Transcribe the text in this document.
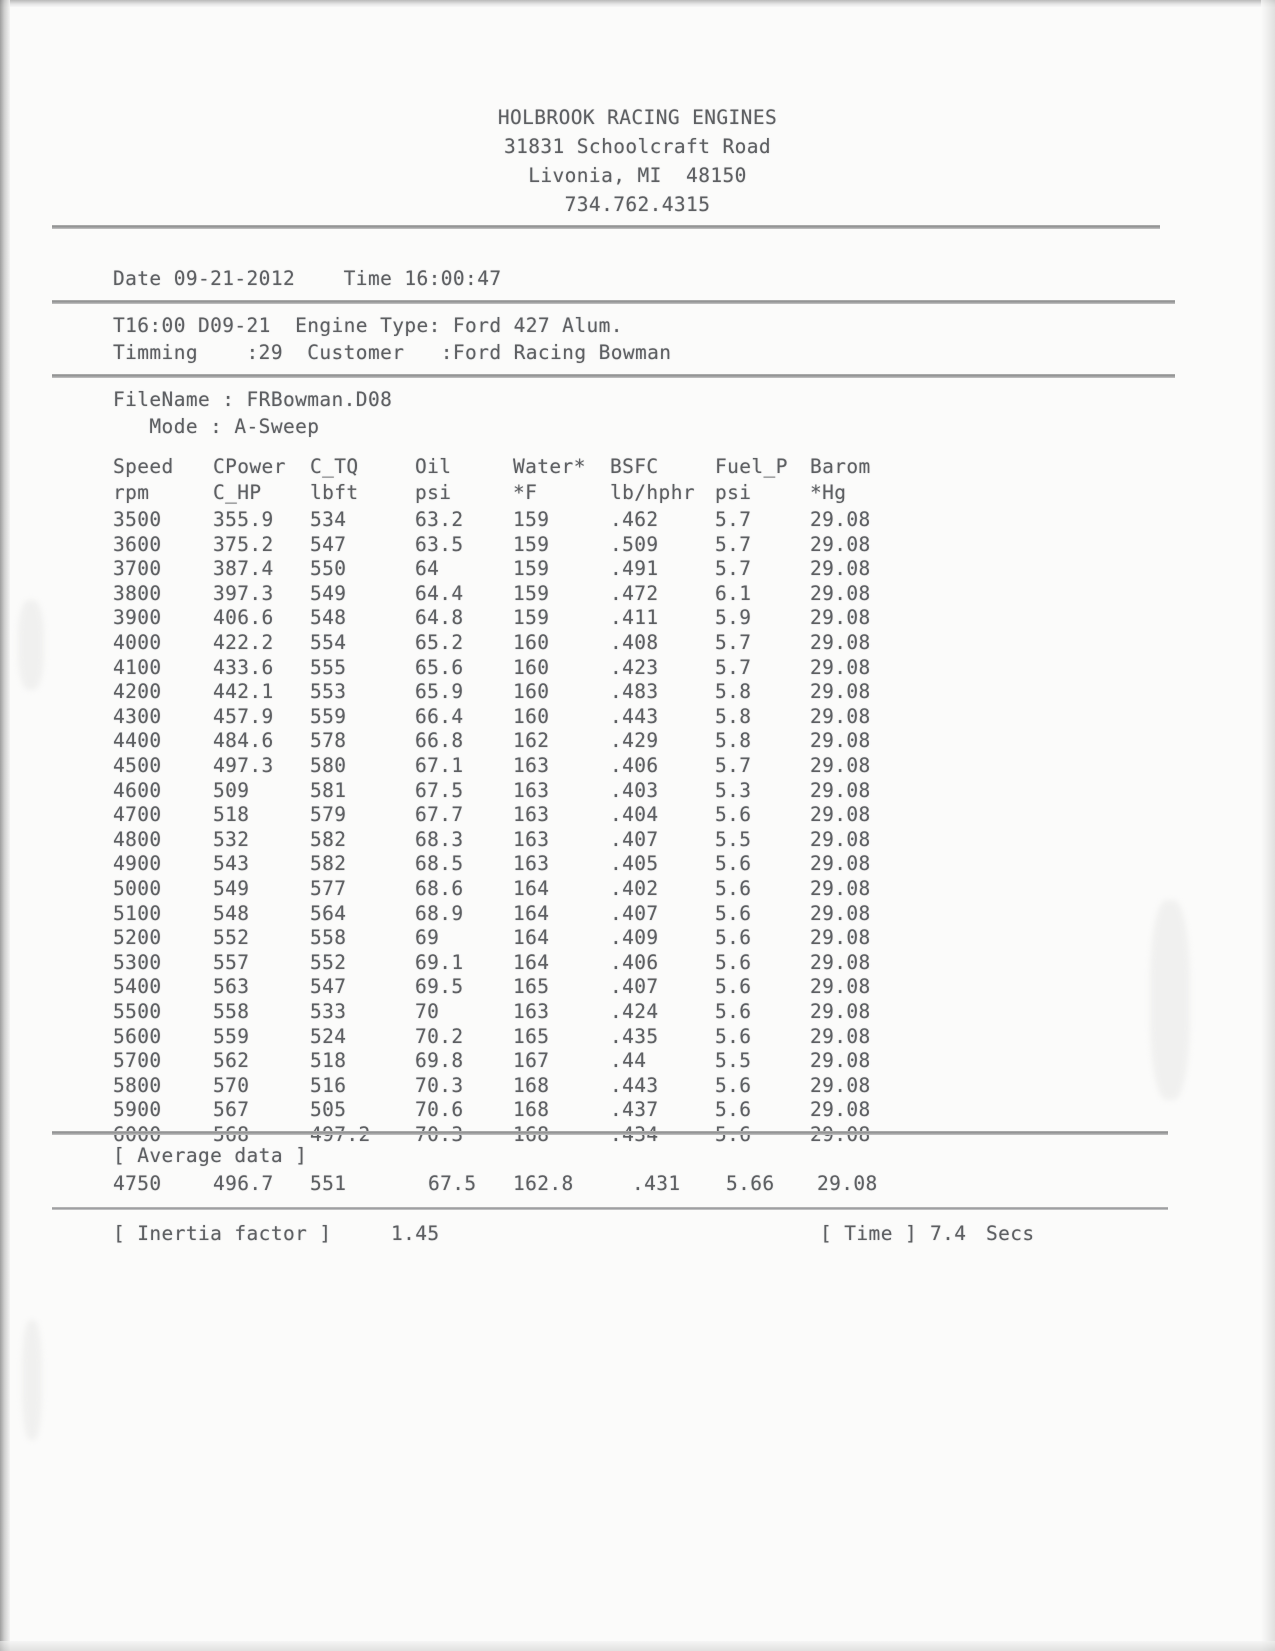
HOLBROOK RACING ENGINES
31831 Schoolcraft Road
Livonia, MI  48150
734.762.4315
Date 09-21-2012    Time 16:00:47
T16:00 D09-21  Engine Type: Ford 427 Alum.
Timming    :29  Customer   :Ford Racing Bowman
FileName : FRBowman.D08
Mode : A-Sweep
Speed CPower C_TQ	Oil	Water* BSFC	Fuel_P Barom
rpm	C_HP lbft	psi	*F	lb/hphr psi	*Hg
3500	355.9 534	63.2	159	.462	5.7	29.08
3600	375.2 547	63.5	159	.509	5.7	29.08
3700	387.4 550	64	159	.491	5.7	29.08
3800	397.3 549	64.4	159	.472	6.1	29.08
3900	406.6 548	64.8	159	.411	5.9	29.08
4000	422.2 554	65.2	160	.408	5.7	29.08
4100	433.6 555	65.6	160	.423	5.7	29.08
4200	442.1 553	65.9	160	.483	5.8	29.08
4300	457.9 559	66.4	160	.443	5.8	29.08
4400	484.6 578	66.8	162	.429	5.8	29.08
4500	497.3 580	67.1	163	.406	5.7	29.08
4600	509	581	67.5	163	.403	5.3	29.08
4700	518	579	67.7	163	.404	5.6	29.08
4800	532	582	68.3	163	.407	5.5	29.08
4900	543	582	68.5	163	.405	5.6	29.08
5000	549	577	68.6	164	.402	5.6	29.08
5100	548	564	68.9	164	.407	5.6	29.08
5200	552	558	69	164	.409	5.6	29.08
5300	557	552	69.1	164	.406	5.6	29.08
5400	563	547	69.5	165	.407	5.6	29.08
5500	558	533	70	163	.424	5.6	29.08
5600	559	524	70.2	165	.435	5.6	29.08
5700	562	518	69.8	167	.44	5.5	29.08
5800	570	516	70.3	168	.443	5.6	29.08
5900	567	505	70.6	168	.437	5.6	29.08
[ Average data ]
4750	496.7 551	67.5 162.8	.431 5.66 29.08
[ Inertia factor ]	1.45	[ Time ] 7.4 Secs
